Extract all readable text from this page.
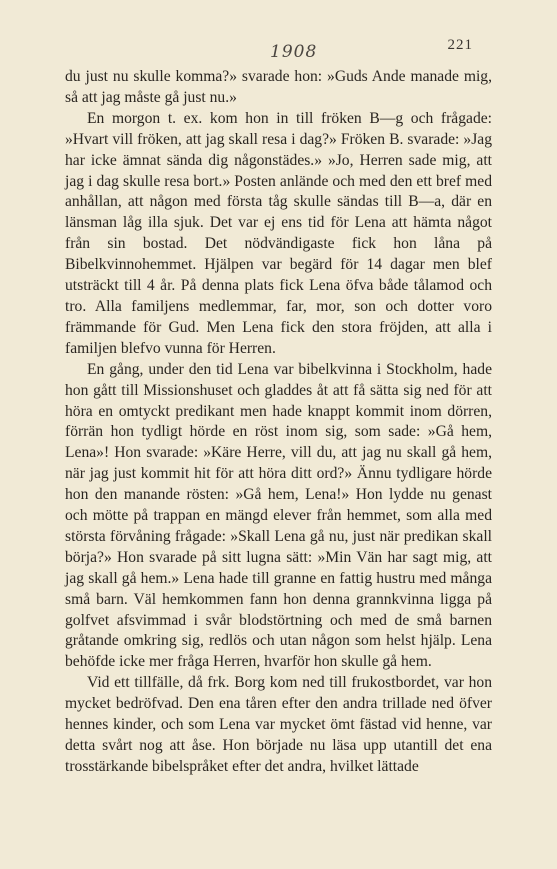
1908	221

du just nu skulle komma?» svarade hon: »Guds Ande manade mig, så att jag måste gå just nu.»

En morgon t. ex. kom hon in till fröken B—g och frågade: »Hvart vill fröken, att jag skall resa i dag?» Fröken B. svarade: »Jag har icke ämnat sända dig någonstädes.» »Jo, Herren sade mig, att jag i dag skulle resa bort.» Posten anlände och med den ett bref med anhållan, att någon med första tåg skulle sändas till B—a, där en länsman låg illa sjuk. Det var ej ens tid för Lena att hämta något från sin bostad. Det nödvändigaste fick hon låna på Bibelkvinnohemmet. Hjälpen var begärd för 14 dagar men blef utsträckt till 4 år. På denna plats fick Lena öfva både tålamod och tro. Alla familjens medlemmar, far, mor, son och dotter voro främmande för Gud. Men Lena fick den stora fröjden, att alla i familjen blefvo vunna för Herren.

En gång, under den tid Lena var bibelkvinna i Stockholm, hade hon gått till Missionshuset och gladdes åt att få sätta sig ned för att höra en omtyckt predikant men hade knappt kommit inom dörren, förrän hon tydligt hörde en röst inom sig, som sade: »Gå hem, Lena»! Hon svarade: »Käre Herre, vill du, att jag nu skall gå hem, när jag just kommit hit för att höra ditt ord?» Ännu tydligare hörde hon den manande rösten: »Gå hem, Lena!» Hon lydde nu genast och mötte på trappan en mängd elever från hemmet, som alla med största förvåning frågade: »Skall Lena gå nu, just när predikan skall börja?» Hon svarade på sitt lugna sätt: »Min Vän har sagt mig, att jag skall gå hem.» Lena hade till granne en fattig hustru med många små barn. Väl hemkommen fann hon denna grannkvinna ligga på golfvet afsvimmad i svår blodstörtning och med de små barnen gråtande omkring sig, redlös och utan någon som helst hjälp. Lena behöfde icke mer fråga Herren, hvarför hon skulle gå hem.

Vid ett tillfälle, då frk. Borg kom ned till frukostbordet, var hon mycket bedröfvad. Den ena tåren efter den andra trillade ned öfver hennes kinder, och som Lena var mycket ömt fästad vid henne, var detta svårt nog att åse. Hon började nu läsa upp utantill det ena trosstärkande bibelspråket efter det andra, hvilket lättade
